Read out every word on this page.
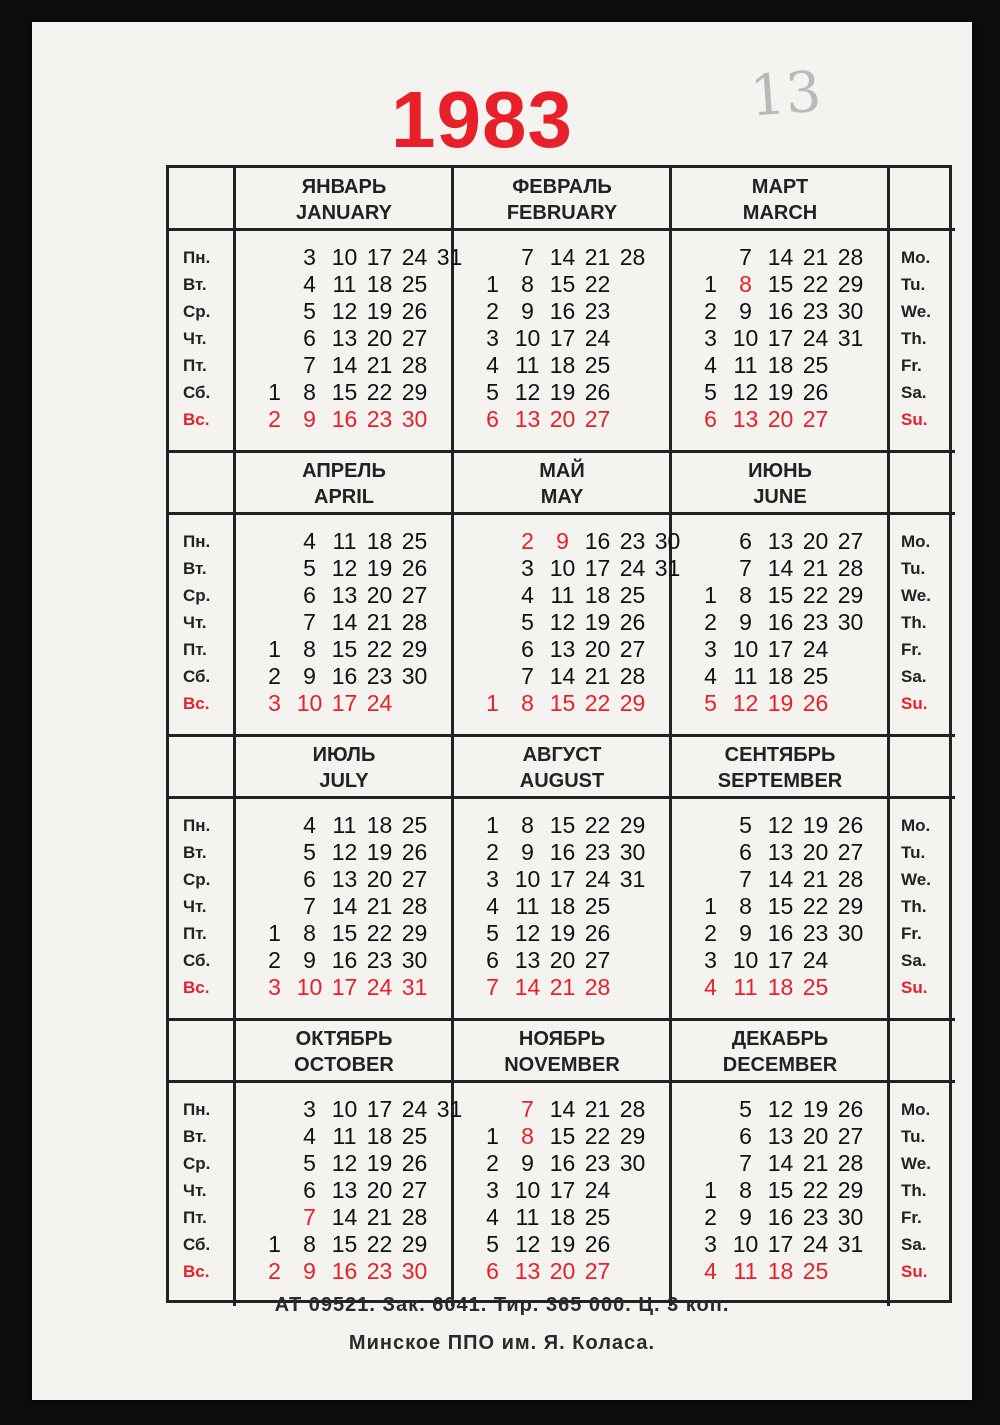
1983	13
Пн.
Вт.
Ср.
Чт.
Пт.
Сб.
Вс.
Mo.
Tu.
We.
Th.
Fr.
Sa.
Su.
ЯНВАРЬ
JANUARY
1
2
3
4
5
6
7
8
9
10
11
12
13
14
15
16
17
18
19
20
21
22
23
24
25
26
27
28
29
30
31
ФЕВРАЛЬ
FEBRUARY
1
2
3
4
5
6
7
8
9
10
11
12
13
14
15
16
17
18
19
20
21
22
23
24
25
26
27
28
МАРТ
MARCH
1
2
3
4
5
6
7
8
9
10
11
12
13
14
15
16
17
18
19
20
21
22
23
24
25
26
27
28
29
30
31
Пн.
Вт.
Ср.
Чт.
Пт.
Сб.
Вс.
Mo.
Tu.
We.
Th.
Fr.
Sa.
Su.
АПРЕЛЬ
APRIL
1
2
3
4
5
6
7
8
9
10
11
12
13
14
15
16
17
18
19
20
21
22
23
24
25
26
27
28
29
30
МАЙ
MAY
1
2
3
4
5
6
7
8
9
10
11
12
13
14
15
16
17
18
19
20
21
22
23
24
25
26
27
28
29
30
31
ИЮНЬ
JUNE
1
2
3
4
5
6
7
8
9
10
11
12
13
14
15
16
17
18
19
20
21
22
23
24
25
26
27
28
29
30
Пн.
Вт.
Ср.
Чт.
Пт.
Сб.
Вс.
Mo.
Tu.
We.
Th.
Fr.
Sa.
Su.
ИЮЛЬ
JULY
1
2
3
4
5
6
7
8
9
10
11
12
13
14
15
16
17
18
19
20
21
22
23
24
25
26
27
28
29
30
31
АВГУСТ
AUGUST
1
2
3
4
5
6
7
8
9
10
11
12
13
14
15
16
17
18
19
20
21
22
23
24
25
26
27
28
29
30
31
СЕНТЯБРЬ
SEPTEMBER
1
2
3
4
5
6
7
8
9
10
11
12
13
14
15
16
17
18
19
20
21
22
23
24
25
26
27
28
29
30
Пн.
Вт.
Ср.
Чт.
Пт.
Сб.
Вс.
Mo.
Tu.
We.
Th.
Fr.
Sa.
Su.
ОКТЯБРЬ
OCTOBER
1
2
3
4
5
6
7
8
9
10
11
12
13
14
15
16
17
18
19
20
21
22
23
24
25
26
27
28
29
30
31
НОЯБРЬ
NOVEMBER
1
2
3
4
5
6
7
8
9
10
11
12
13
14
15
16
17
18
19
20
21
22
23
24
25
26
27
28
29
30
ДЕКАБРЬ
DECEMBER
1
2
3
4
5
6
7
8
9
10
11
12
13
14
15
16
17
18
19
20
21
22
23
24
25
26
27
28
29
30
31
АТ 09521. Зак. 6041. Тир. 365 000. Ц. 3 коп.
Минское ППО им. Я. Коласа.
